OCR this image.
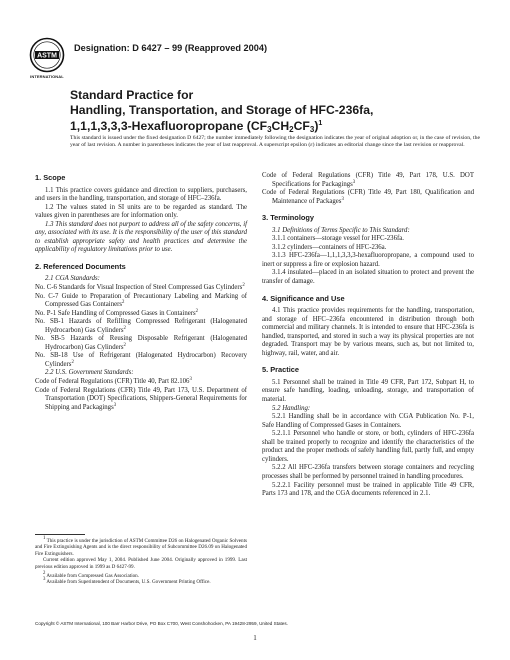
ASTM
INTERNATIONAL
Designation: D 6427 – 99 (Reapproved 2004)
Standard Practice for
Handling, Transportation, and Storage of HFC-236fa,
1,1,1,3,3,3-Hexafluoropropane $(CF_3CH_2CF_3)^1$
This standard is issued under the fixed designation D 6427; the number immediately following the designation indicates the year of original adoption or, in the case of revision, the year of last revision. A number in parentheses indicates the year of last reapproval. A superscript epsilon (ε) indicates an editorial change since the last revision or reapproval.

1. Scope

1.1 This practice covers guidance and direction to suppliers, purchasers, and users in the handling, transportation, and storage of HFC–236fa.

1.2 The values stated in SI units are to be regarded as standard. The values given in parentheses are for information only.

1.3 This standard does not purport to address all of the safety concerns, if any, associated with its use. It is the responsibility of the user of this standard to establish appropriate safety and health practices and determine the applicability of regulatory limitations prior to use.

2. Referenced Documents

2.1 CGA Standards:

No. C-6 Standards for Visual Inspection of Steel Compressed Gas Cylinders$^2$

No. C-7 Guide to Preparation of Precautionary Labeling and Marking of Compressed Gas Containers$^2$

No. P-1 Safe Handling of Compressed Gases in Containers$^2$

No. SB-1 Hazards of Refilling Compressed Refrigerant (Halogenated Hydrocarbon) Gas Cylinders$^2$

No. SB-5 Hazards of Reusing Disposable Refrigerant (Halogenated Hydrocarbon) Gas Cylinders$^2$

No. SB-18 Use of Refrigerant (Halogenated Hydrocarbon) Recovery Cylinders$^2$

2.2 U.S. Government Standards:

Code of Federal Regulations (CFR) Title 40, Part 82.106$^3$

Code of Federal Regulations (CFR) Title 49, Part 173, U.S. Department of Transportation (DOT) Specifications, Shippers-General Requirements for Shipping and Packagings$^3$

$^1$ This practice is under the jurisdiction of ASTM Committee D26 on Halogenated Organic Solvents and Fire Extinguishing Agents and is the direct responsibility of Subcommittee D26.09 on Halogenated Fire Extinguishers.

Current edition approved May 1, 2004. Published June 2004. Originally approved in 1999. Last previous edition approved in 1999 as D 6427-99.

$^2$ Available from Compressed Gas Association.

$^3$ Available from Superintendent of Documents, U.S. Government Printing Office.

Code of Federal Regulations (CFR) Title 49, Part 178, U.S. DOT Specifications for Packagings$^3$

Code of Federal Regulations (CFR) Title 49, Part 180, Qualification and Maintenance of Packages$^3$

3. Terminology

3.1 Definitions of Terms Specific to This Standard:

3.1.1 containers—storage vessel for HFC-236fa.

3.1.2 cylinders—containers of HFC-236a.

3.1.3 HFC-236fa—1,1,1,3,3,3-hexafluoropropane, a compound used to inert or suppress a fire or explosion hazard.

3.1.4 insulated—placed in an isolated situation to protect and prevent the transfer of damage.

4. Significance and Use

4.1 This practice provides requirements for the handling, transportation, and storage of HFC–236fa encountered in distribution through both commercial and military channels. It is intended to ensure that HFC-236fa is handled, transported, and stored in such a way its physical properties are not degraded. Transport may be by various means, such as, but not limited to, highway, rail, water, and air.

5. Practice

5.1 Personnel shall be trained in Title 49 CFR, Part 172, Subpart H, to ensure safe handling, loading, unloading, storage, and transportation of material.

5.2 Handling:

5.2.1 Handling shall be in accordance with CGA Publication No. P-1, Safe Handling of Compressed Gases in Containers.

5.2.1.1 Personnel who handle or store, or both, cylinders of HFC-236fa shall be trained properly to recognize and identify the characteristics of the product and the proper methods of safely handling full, partly full, and empty cylinders.

5.2.2 All HFC-236fa transfers between storage containers and recycling processes shall be performed by personnel trained in handling procedures.

5.2.2.1 Facility personnel must be trained in applicable Title 49 CFR, Parts 173 and 178, and the CGA documents referenced in 2.1.

Copyright © ASTM International, 100 Barr Harbor Drive, PO Box C700, West Conshohocken, PA 19428-2959, United States.
1
